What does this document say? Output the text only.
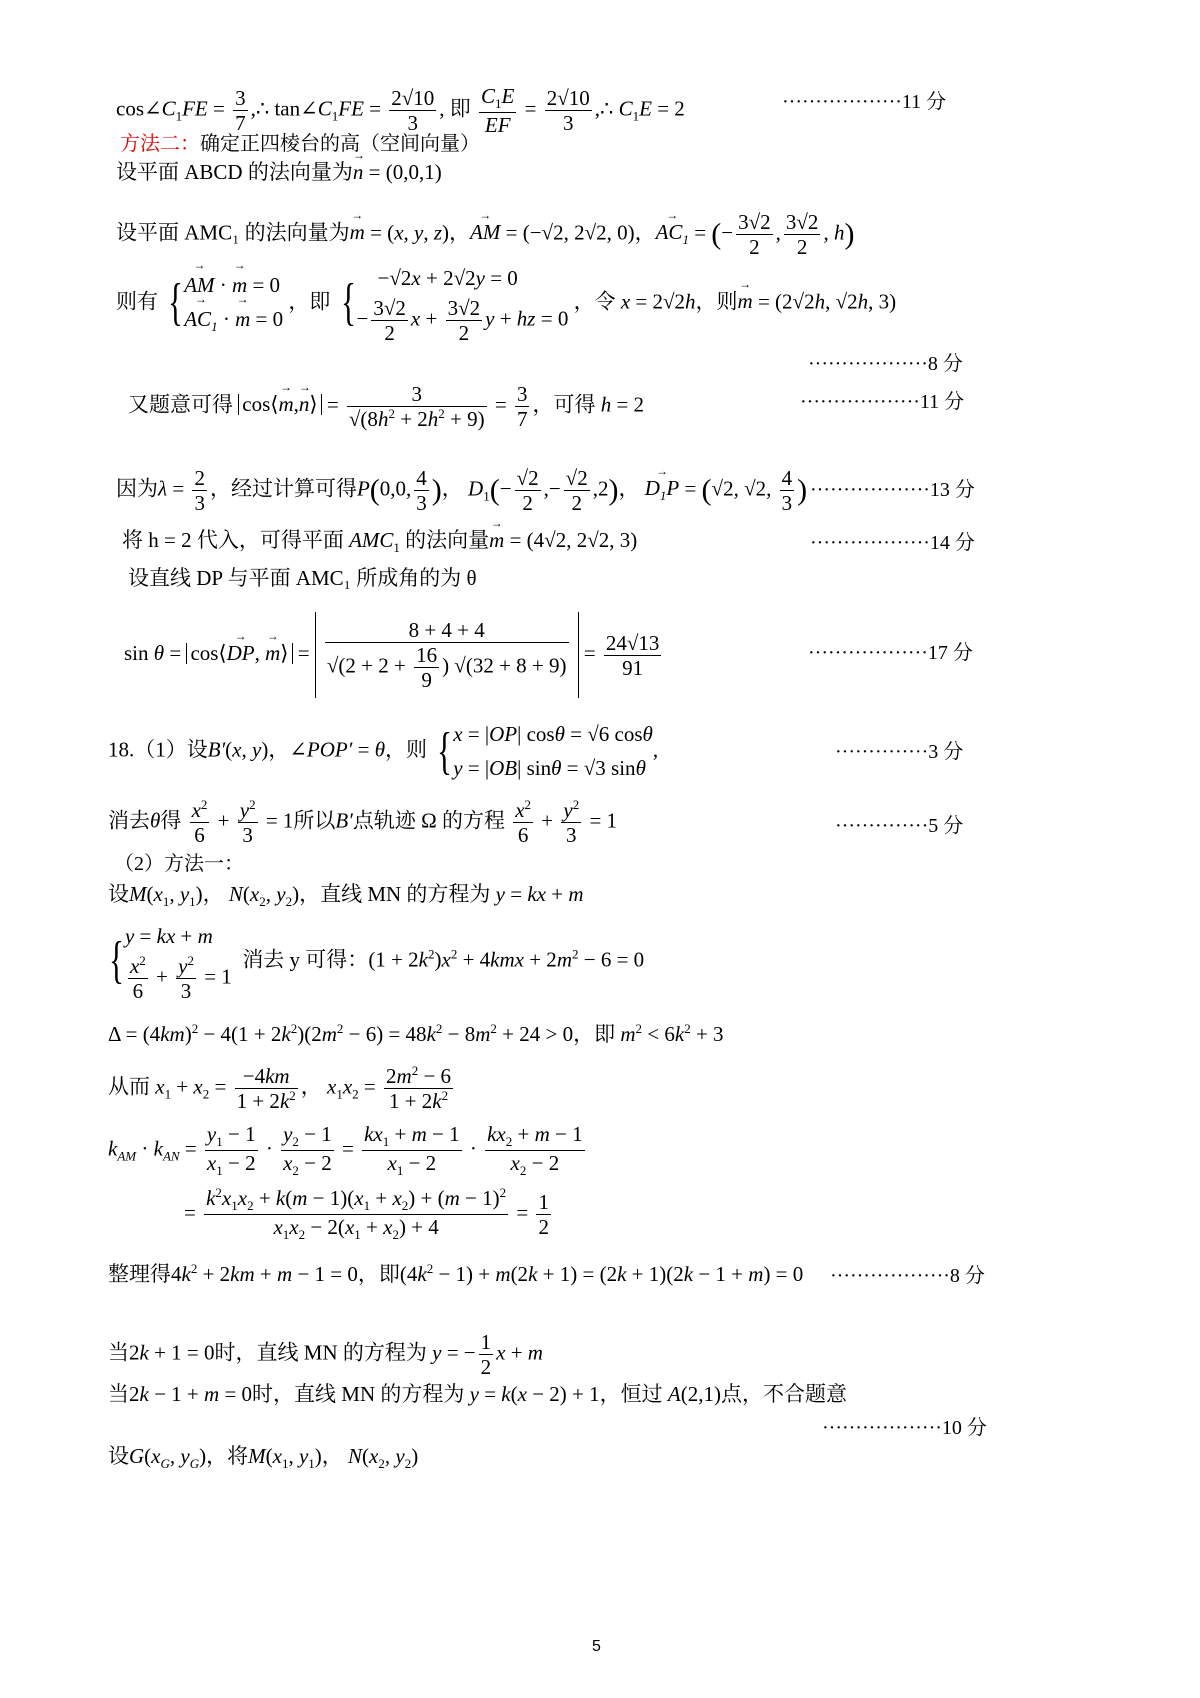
$\cos\angle C_1FE = \frac{3}{7}$ ,∴ $\tan\angle C_1FE = \frac{2√10}{3}$ , 即 $\frac{C_1E}{EF} = \frac{2√10}{3}$ ,∴ $C_1E = 2$	··················11 分
方法二：确定正四棱台的高（空间向量）
设平面 ABCD 的法向量为→ n = (0,0,1)
设平面 AMC₁ 的法向量为→ m = (x, y, z)，→ AM = (−√2, 2√2, 0)，→ $AC_1$ = (− $\frac{3√2}{2}$ , $\frac{3√2}{2}$ , h)
则有 {
→ AM · → m = 0
→ $AC_1$ · → m = 0
，即 { −√2x + 2√2y = 0
− $\frac{3√2}{2}$ $x + \frac{3√2}{2}$ y + hz = 0
，令 x = 2√2h，则→ m = (2√2h, √2h, 3)
··················8 分
又题意可得 cos⟨→ m,→ n⟩ = $\frac{3}{√(8h^2 + 2h^2 + 9)} = \frac{3}{7}$ ，可得 h = 2	··················11 分
因为$\lambda = \frac{2}{3}$ ，经过计算可得P(0,0, $\frac{4}{3}$ )， $D_1(- \frac{√2}{2}$ ,− $\frac{√2}{2} ,2$)， → $D_1P = (√2$, √2, $\frac{4}{3}$ ) ··················13 分
将 h = 2 代入，可得平面 $AMC_1$ 的法向量→ m = (4√2, 2√2, 3)	··················14 分
设直线 DP 与平面 AMC₁ 所成角的为 θ
sin θ = cos⟨→ DP, → m⟩ = $\frac{8 + 4 + 4}{√(2 + 2 + \frac{16}{9} ) √(32 + 8 + 9)} = \frac{24√13}{91}$	··················17 分
18.（1）设B′(x, y)，∠POP′ = θ，则 { x = |OP| cosθ = √6 cosθ
y = |OB| sinθ = √3 sinθ
,	··············3 分
消去θ得 $\frac{x^2}{6} + \frac{y^2}{3} = 1$所以B′点轨迹 Ω 的方程 $\frac{x^2}{6} + \frac{y^2}{3} = 1$	··············5 分
（2）方法一：
设$M(x_1$, $y_1$)， $N(x_2$, $y_2$)，直线 MN 的方程为 y = kx + m
{ y = kx + m
$\frac{x^2}{6} + \frac{y^2}{3} = 1$
消去 y 可得：$(1 + 2k^2)x^2 + 4kmx + 2m^2 - 6 = 0$
$\Delta = (4km)^2 - 4(1 + 2k^2)(2m^2 - 6) = 48k^2 - 8m^2 + 24 > 0$，即 $m^2 < 6k^2 + 3$
从而 $x_1 + x_2 = \frac{-4km}{1 + 2k^2}$ ， $x_1x_2 = \frac{2m^2 - 6}{1 + 2k^2}$
$k_{AM} \cdot k_{AN} = \frac{y_1 - 1}{x_1 - 2} \cdot \frac{y_2 - 1}{x_2 - 2} = \frac{kx_1 + m - 1}{x_1 - 2} \cdot \frac{kx_2 + m - 1}{x_2 - 2}$
= $\frac{k^2x_1x_2 + k(m - 1)(x_1 + x_2) + (m - 1)^2}{x_1x_2 - 2(x_1 + x_2) + 4} = \frac{1}{2}$
整理得$4k^2 + 2km + m - 1 = 0$，即$(4k^2 - 1) + m(2k + 1) = (2k + 1)(2k - 1 + m) = 0 \cdot\cdot\cdot\cdot\cdot\cdot\cdot\cdot\cdot\cdot\cdot\cdot\cdot\cdot\cdot\cdot\cdot\cdot 8$ 分
当2k + 1 = 0时，直线 MN 的方程为 y = − $\frac{1}{2}$ x + m
当2k − 1 + m = 0时，直线 MN 的方程为 y = k(x − 2) + 1，恒过 A(2,1)点，不合题意
··················10 分
设$G(x_G$, $y_G$)，将$M(x_1$, $y_1$)， $N(x_2$, $y_2$)
5
